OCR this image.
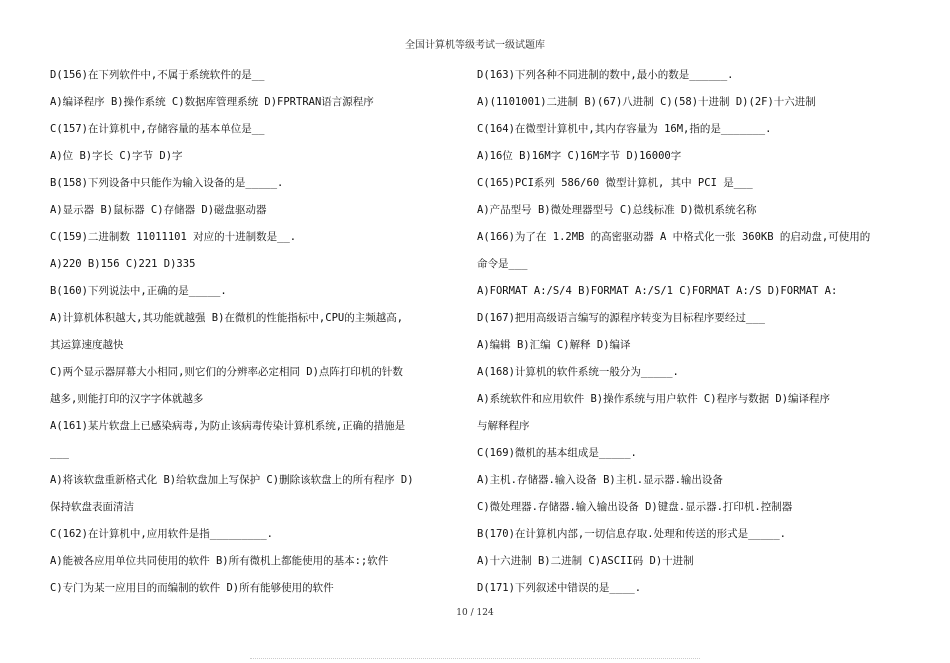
全国计算机等级考试一级试题库
D(156)在下列软件中,不属于系统软件的是__
A)编译程序 B)操作系统 C)数据库管理系统 D)FPRTRAN语言源程序
C(157)在计算机中,存储容量的基本单位是__
A)位 B)字长 C)字节 D)字
B(158)下列设备中只能作为输入设备的是_____.
A)显示器 B)鼠标器 C)存储器 D)磁盘驱动器
C(159)二进制数 11011101 对应的十进制数是__.
A)220 B)156 C)221 D)335
B(160)下列说法中,正确的是_____.
A)计算机体积越大,其功能就越强 B)在微机的性能指标中,CPU的主频越高,
其运算速度越快
C)两个显示器屏幕大小相同,则它们的分辨率必定相同 D)点阵打印机的针数
越多,则能打印的汉字字体就越多
A(161)某片软盘上已感染病毒,为防止该病毒传染计算机系统,正确的措施是
___
A)将该软盘重新格式化 B)给软盘加上写保护 C)删除该软盘上的所有程序 D)
保持软盘表面清洁
C(162)在计算机中,应用软件是指_________.
A)能被各应用单位共同使用的软件 B)所有微机上都能使用的基本:;软件
C)专门为某一应用目的而编制的软件 D)所有能够使用的软件
D(163)下列各种不同进制的数中,最小的数是______.
A)(1101001)二进制 B)(67)八进制 C)(58)十进制 D)(2F)十六进制
C(164)在微型计算机中,其内存容量为 16M,指的是_______.
A)16位 B)16M字 C)16M字节 D)16000字
C(165)PCI系列 586/60 微型计算机, 其中 PCI 是___
A)产品型号 B)微处理器型号 C)总线标准 D)微机系统名称
A(166)为了在 1.2MB 的高密驱动器 A 中格式化一张 360KB 的启动盘,可使用的
命令是___
A)FORMAT A:/S/4 B)FORMAT A:/S/1 C)FORMAT A:/S D)FORMAT A:
D(167)把用高级语言编写的源程序转变为目标程序要经过___
A)编辑 B)汇编 C)解释 D)编译
A(168)计算机的软件系统一般分为_____.
A)系统软件和应用软件 B)操作系统与用户软件 C)程序与数据 D)编译程序
与解释程序
C(169)微机的基本组成是_____.
A)主机.存储器.输入设备 B)主机.显示器.输出设备
C)微处理器.存储器.输入输出设备 D)键盘.显示器.打印机.控制器
B(170)在计算机内部,一切信息存取.处理和传送的形式是_____.
A)十六进制 B)二进制 C)ASCII码 D)十进制
D(171)下列叙述中错误的是____.
10 / 124
